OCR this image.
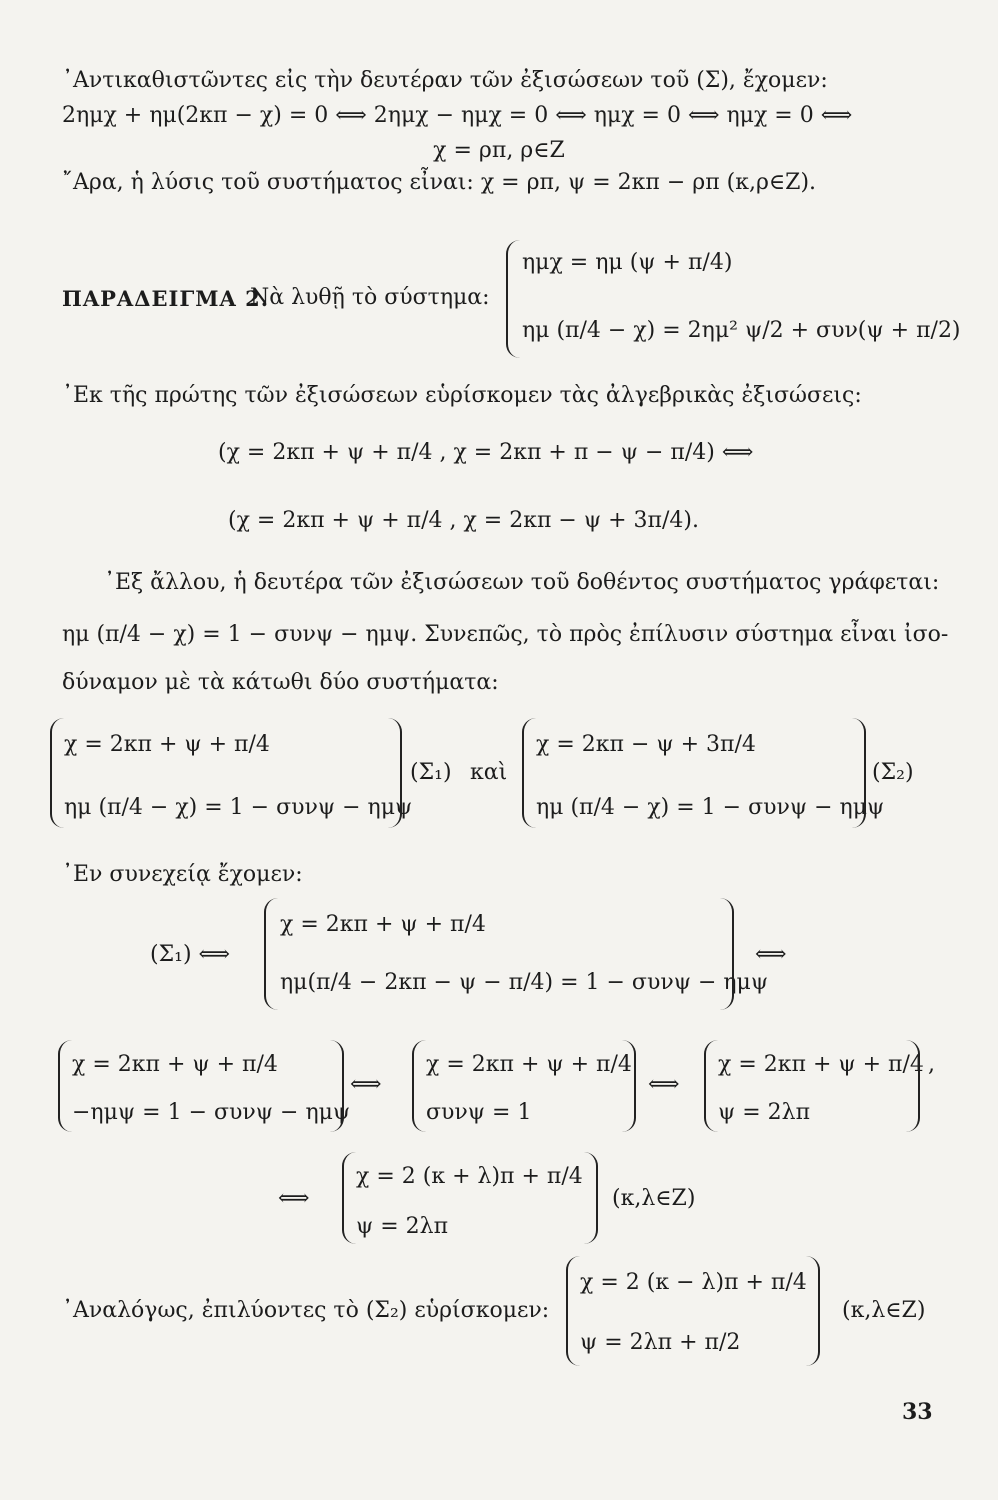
᾿Αντικαθιστῶντες εἰς τὴν δευτέραν τῶν ἐξισώσεων τοῦ (Σ), ἔχομεν:
2ημχ + ημ(2κπ − χ) = 0 ⟺ 2ημχ − ημχ = 0 ⟺ ημχ = 0 ⟺ ημχ = 0 ⟺
χ = ρπ, ρ∈Z
῎Αρα, ἡ λύσις τοῦ συστήματος εἶναι: χ = ρπ, ψ = 2κπ − ρπ (κ,ρ∈Z).
ΠΑΡΑΔΕΙΓΜΑ 2.
Νὰ λυθῇ τὸ σύστημα:
ημχ = ημ (ψ + π/4)
ημ (π/4 − χ) = 2ημ² ψ/2 + συν(ψ + π/2)
᾿Εκ τῆς πρώτης τῶν ἐξισώσεων εὑρίσκομεν τὰς ἀλγεβρικὰς ἐξισώσεις:
(χ = 2κπ + ψ + π/4 , χ = 2κπ + π − ψ − π/4) ⟺
(χ = 2κπ + ψ + π/4 , χ = 2κπ − ψ + 3π/4).
᾿Εξ ἄλλου, ἡ δευτέρα τῶν ἐξισώσεων τοῦ δοθέντος συστήματος γράφεται:
ημ (π/4 − χ) = 1 − συνψ − ημψ. Συνεπῶς, τὸ πρὸς ἐπίλυσιν σύστημα εἶναι ἰσο-
δύναμον μὲ τὰ κάτωθι δύο συστήματα:
χ = 2κπ + ψ + π/4
ημ (π/4 − χ) = 1 − συνψ − ημψ
(Σ₁) καὶ
χ = 2κπ − ψ + 3π/4
ημ (π/4 − χ) = 1 − συνψ − ημψ
(Σ₂)
᾿Εν συνεχείᾳ ἔχομεν:
(Σ₁) ⟺
χ = 2κπ + ψ + π/4
ημ(π/4 − 2κπ − ψ − π/4) = 1 − συνψ − ημψ
⟺
χ = 2κπ + ψ + π/4
−ημψ = 1 − συνψ − ημψ
⟺
χ = 2κπ + ψ + π/4
συνψ = 1
⟺
χ = 2κπ + ψ + π/4
ψ = 2λπ
,
⟺
χ = 2 (κ + λ)π + π/4
ψ = 2λπ
(κ,λ∈Z)
᾿Αναλόγως, ἐπιλύοντες τὸ (Σ₂) εὑρίσκομεν:
χ = 2 (κ − λ)π + π/4
ψ = 2λπ + π/2
(κ,λ∈Z)
33
